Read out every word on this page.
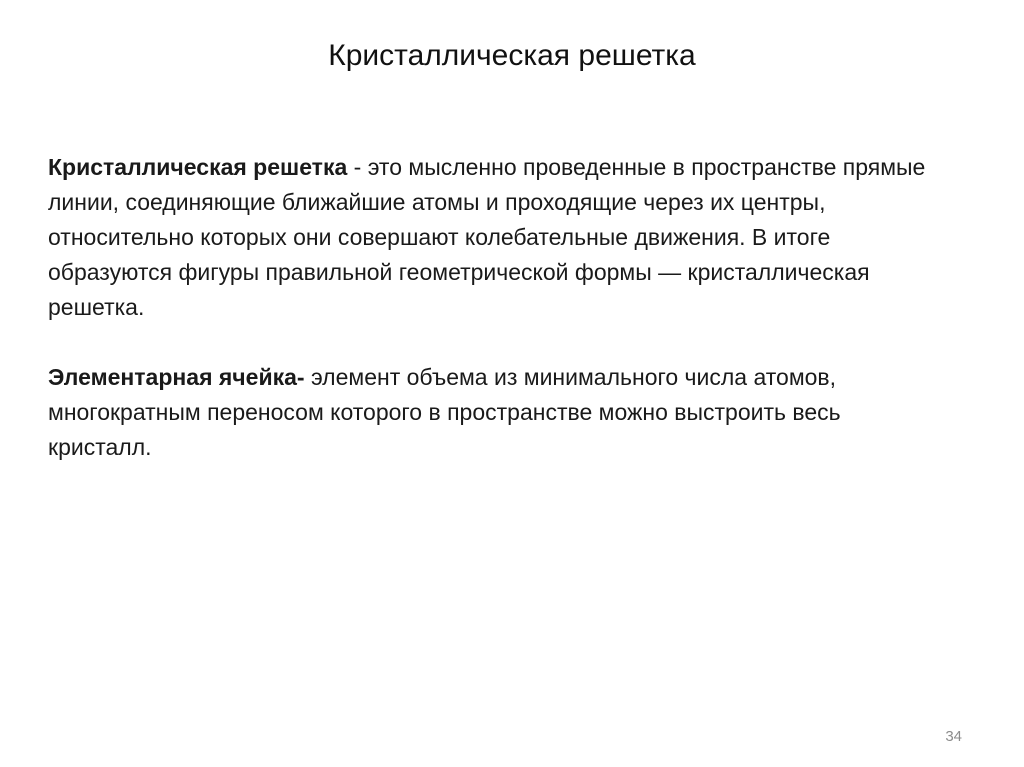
Кристаллическая решетка

Кристаллическая решетка - это мысленно проведенные в пространстве прямые линии, соединяющие ближайшие атомы и проходящие через их центры, относительно которых они совершают колебательные движения. В итоге образуются фигуры правильной геометрической формы — кристаллическая решетка.

Элементарная ячейка- элемент объема из минимального числа атомов, многократным переносом которого в пространстве можно выстроить весь кристалл.

34
